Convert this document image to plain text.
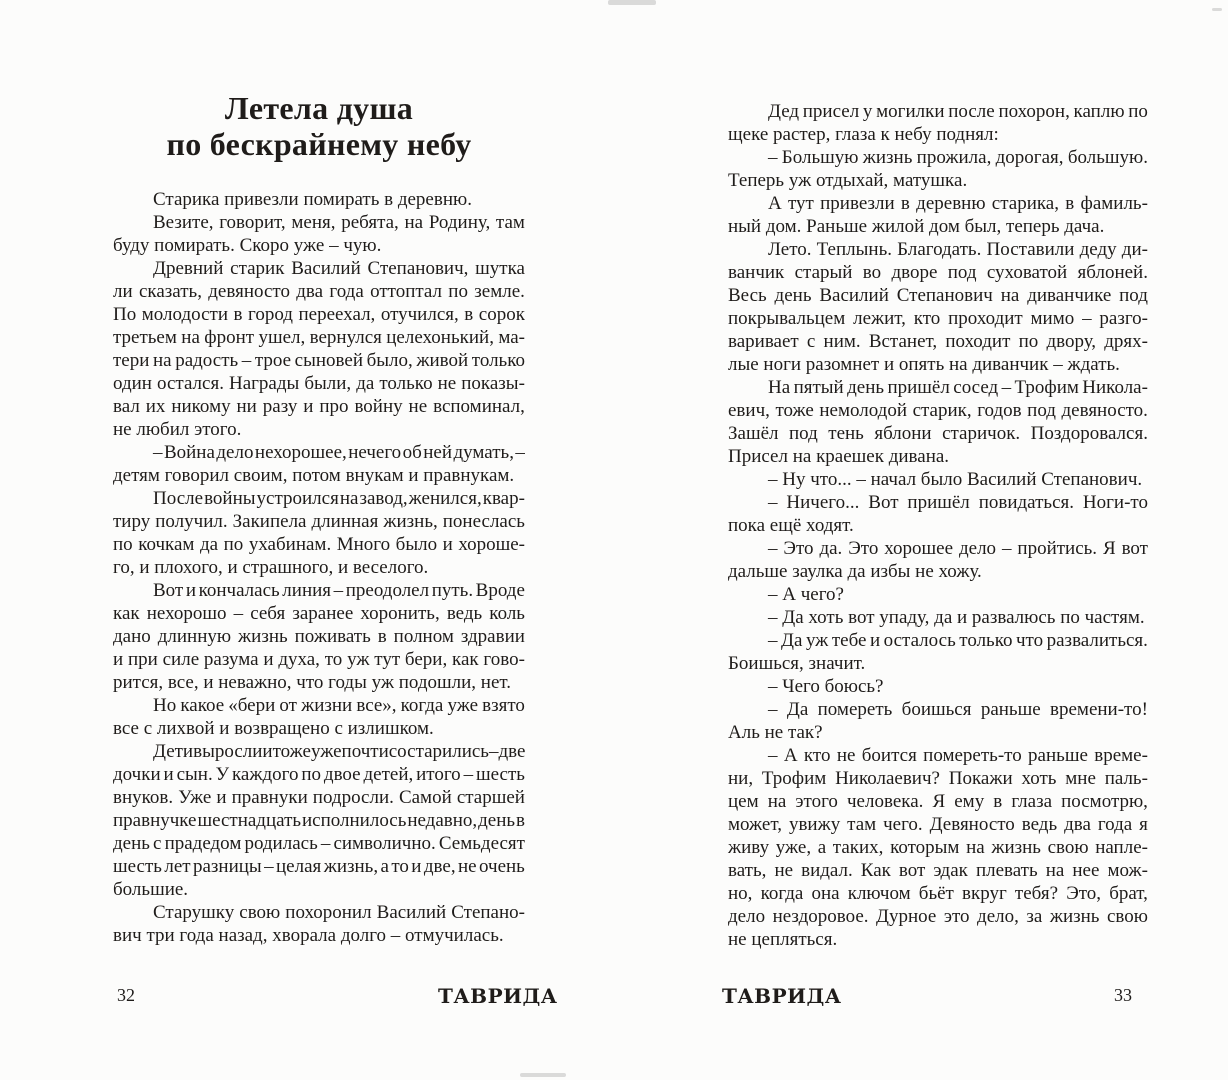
Летела душа
по бескрайнему небу
Старика привезли помирать в деревню.
Везите, говорит, меня, ребята, на Родину, там
буду помирать. Скоро уже – чую.
Древний старик Василий Степанович, шутка
ли сказать, девяносто два года оттоптал по земле.
По молодости в город переехал, отучился, в сорок
третьем на фронт ушел, вернулся целехонький, ма-
тери на радость – трое сыновей было, живой только
один остался. Награды были, да только не показы-
вал их никому ни разу и про войну не вспоминал,
не любил этого.
– Война дело нехорошее, нечего об ней думать, –
детям говорил своим, потом внукам и правнукам.
После войны устроился на завод, женился, квар-
тиру получил. Закипела длинная жизнь, понеслась
по кочкам да по ухабинам. Много было и хороше-
го, и плохого, и страшного, и веселого.
Вот и кончалась линия – преодолел путь. Вроде
как нехорошо – себя заранее хоронить, ведь коль
дано длинную жизнь поживать в полном здравии
и при силе разума и духа, то уж тут бери, как гово-
рится, все, и неважно, что годы уж подошли, нет.
Но какое «бери от жизни все», когда уже взято
все с лихвой и возвращено с излишком.
Дети выросли и тоже уже почти состарились – две
дочки и сын. У каждого по двое детей, итого – шесть
внуков. Уже и правнуки подросли. Самой старшей
правнучке шестнадцать исполнилось недавно, день в
день с прадедом родилась – символично. Семьдесят
шесть лет разницы – целая жизнь, а то и две, не очень
большие.
Старушку свою похоронил Василий Степано-
вич три года назад, хворала долго – отмучилась.
32	ТАВРИДА
Дед присел у могилки после похорон, каплю по
щеке растер, глаза к небу поднял:
– Большую жизнь прожила, дорогая, большую.
Теперь уж отдыхай, матушка.
А тут привезли в деревню старика, в фамиль-
ный дом. Раньше жилой дом был, теперь дача.
Лето. Теплынь. Благодать. Поставили деду ди-
ванчик старый во дворе под суховатой яблоней.
Весь день Василий Степанович на диванчике под
покрывальцем лежит, кто проходит мимо – разго-
варивает с ним. Встанет, походит по двору, дрях-
лые ноги разомнет и опять на диванчик – ждать.
На пятый день пришёл сосед – Трофим Никола-
евич, тоже немолодой старик, годов под девяносто.
Зашёл под тень яблони старичок. Поздоровался.
Присел на краешек дивана.
– Ну что... – начал было Василий Степанович.
– Ничего... Вот пришёл повидаться. Ноги-то
пока ещё ходят.
– Это да. Это хорошее дело – пройтись. Я вот
дальше заулка да избы не хожу.
– А чего?
– Да хоть вот упаду, да и развалюсь по частям.
– Да уж тебе и осталось только что развалиться.
Боишься, значит.
– Чего боюсь?
– Да помереть боишься раньше времени-то!
Аль не так?
– А кто не боится помереть-то раньше време-
ни, Трофим Николаевич? Покажи хоть мне паль-
цем на этого человека. Я ему в глаза посмотрю,
может, увижу там чего. Девяносто ведь два года я
живу уже, а таких, которым на жизнь свою напле-
вать, не видал. Как вот эдак плевать на нее мож-
но, когда она ключом бьёт вкруг тебя? Это, брат,
дело нездоровое. Дурное это дело, за жизнь свою
не цепляться.
ТАВРИДА	33
